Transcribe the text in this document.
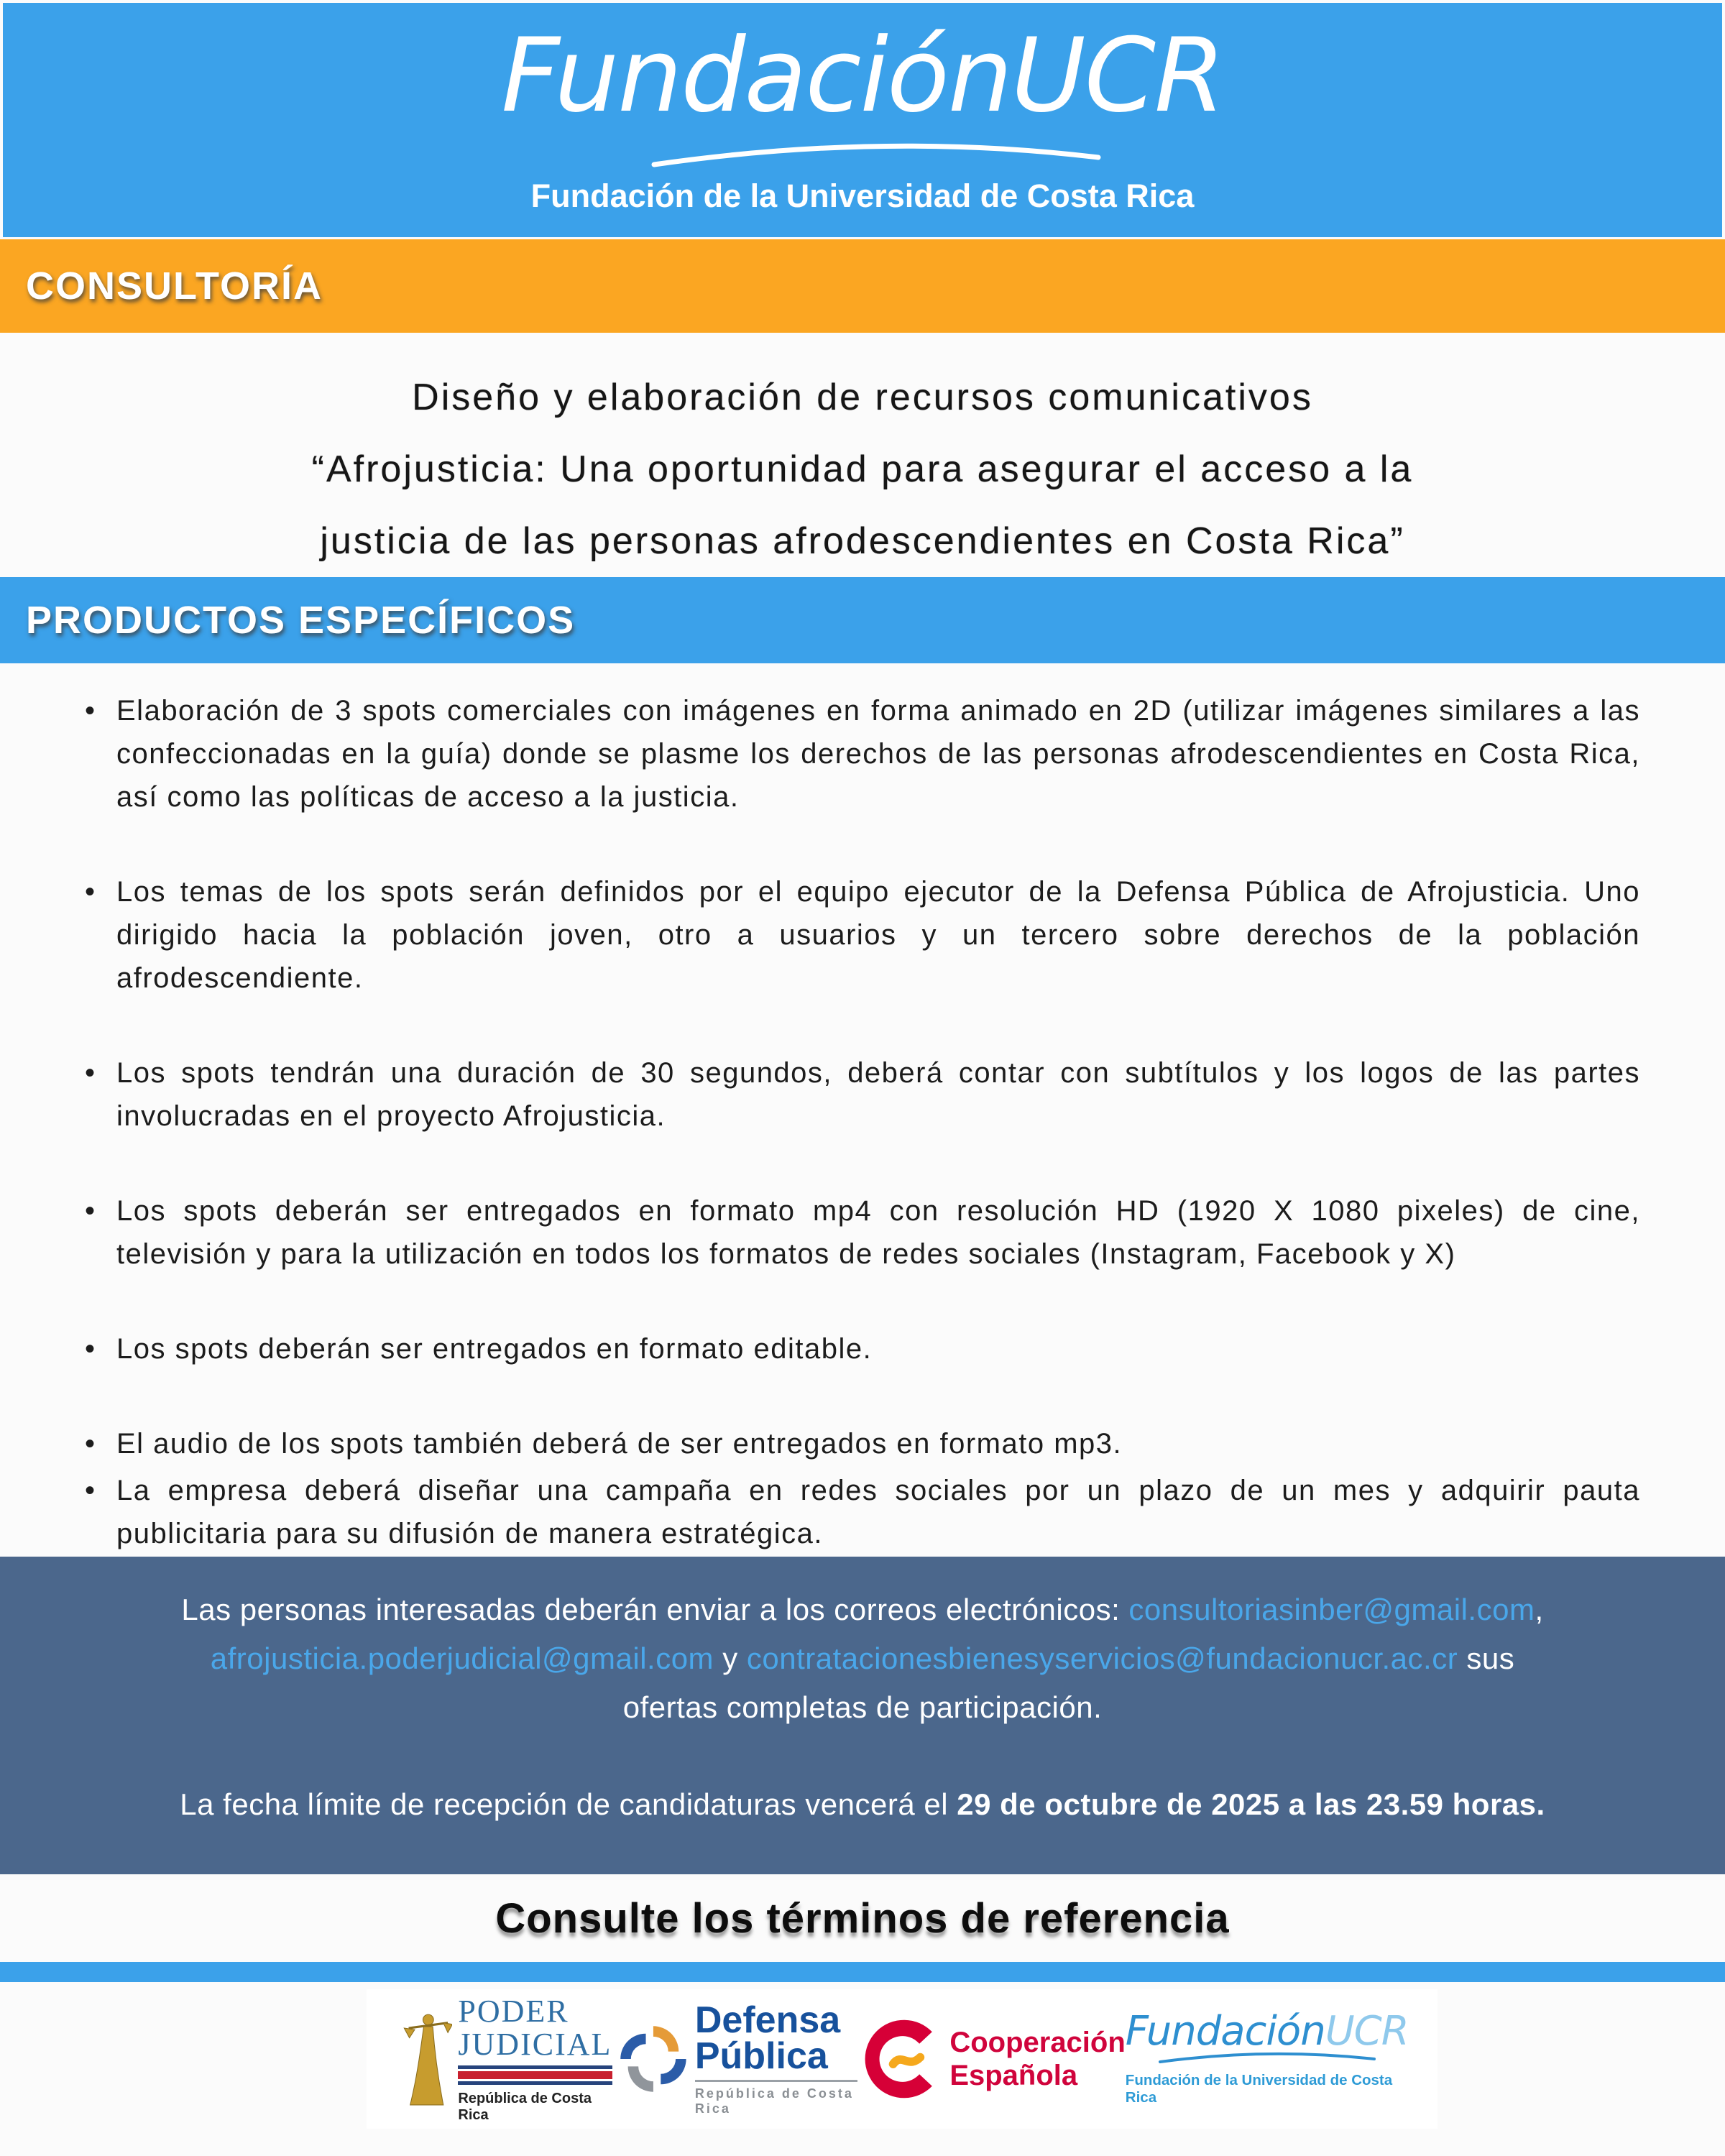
FundaciónUCR
Fundación de la Universidad de Costa Rica
CONSULTORÍA
Diseño y elaboración de recursos comunicativos
“Afrojusticia: Una oportunidad para asegurar el acceso a la
justicia de las personas afrodescendientes en Costa Rica”
PRODUCTOS ESPECÍFICOS
• Elaboración de 3 spots comerciales con imágenes en forma animado en 2D (utilizar imágenes similares a las confeccionadas en la guía) donde se plasme los derechos de las personas afrodescendientes en Costa Rica, así como las políticas de acceso a la justicia.
• Los temas de los spots serán definidos por el equipo ejecutor de la Defensa Pública de Afrojusticia. Uno dirigido hacia la población joven, otro a usuarios y un tercero sobre derechos de la población afrodescendiente.
• Los spots tendrán una duración de 30 segundos, deberá contar con subtítulos y los logos de las partes involucradas en el proyecto Afrojusticia.
• Los spots deberán ser entregados en formato mp4 con resolución HD (1920 X 1080 pixeles) de cine, televisión y para la utilización en todos los formatos de redes sociales (Instagram, Facebook y X)
• Los spots deberán ser entregados en formato editable.
• El audio de los spots también deberá de ser entregados en formato mp3.
• La empresa deberá diseñar una campaña en redes sociales por un plazo de un mes y adquirir pauta publicitaria para su difusión de manera estratégica.

Las personas interesadas deberán enviar a los correos electrónicos: consultoriasinber@gmail.com,
afrojusticia.poderjudicial@gmail.com y contratacionesbienesyservicios@fundacionucr.ac.cr sus
ofertas completas de participación.

La fecha límite de recepción de candidaturas vencerá el 29 de octubre de 2025 a las 23.59 horas.

Consulte los términos de referencia
PODER
JUDICIAL
República de Costa Rica
Defensa
Pública
República de Costa Rica
Cooperación
Española
FundaciónUCR
Fundación de la Universidad de Costa Rica
